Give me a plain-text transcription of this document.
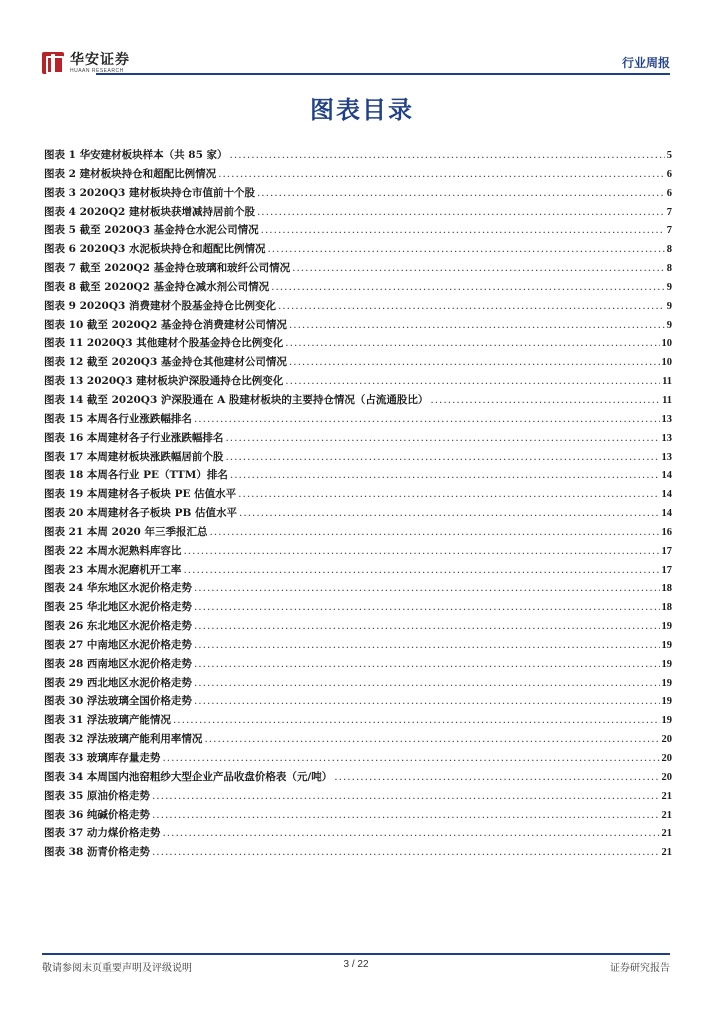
华安证券
HUAAN RESEARCH
行业周报
图表目录
图表 1 华安建材板块样本（共 85 家） .....	5
图表 2 建材板块持仓和超配比例情况 .....	6
图表 3 2020Q3 建材板块持仓市值前十个股 .....	6
图表 4 2020Q2 建材板块获增减持居前个股 .....	7
图表 5 截至 2020Q3 基金持仓水泥公司情况 .....	7
图表 6 2020Q3 水泥板块持仓和超配比例情况 .....	8
图表 7 截至 2020Q2 基金持仓玻璃和玻纤公司情况 .....	8
图表 8 截至 2020Q2 基金持仓减水剂公司情况 .....	9
图表 9 2020Q3 消费建材个股基金持仓比例变化 .....	9
图表 10 截至 2020Q2 基金持仓消费建材公司情况 .....	9
图表 11 2020Q3 其他建材个股基金持仓比例变化 .....	10
图表 12 截至 2020Q3 基金持仓其他建材公司情况 .....	10
图表 13 2020Q3 建材板块沪深股通持仓比例变化 .....	11
图表 14 截至 2020Q3 沪深股通在 A 股建材板块的主要持仓情况（占流通股比） .....	11
图表 15 本周各行业涨跌幅排名 .....	13
图表 16 本周建材各子行业涨跌幅排名 .....	13
图表 17 本周建材板块涨跌幅居前个股 .....	13
图表 18 本周各行业 PE（TTM）排名 .....	14
图表 19 本周建材各子板块 PE 估值水平 .....	14
图表 20 本周建材各子板块 PB 估值水平 .....	14
图表 21 本周 2020 年三季报汇总 .....	16
图表 22 本周水泥熟料库容比 .....	17
图表 23 本周水泥磨机开工率 .....	17
图表 24 华东地区水泥价格走势 .....	18
图表 25 华北地区水泥价格走势 .....	18
图表 26 东北地区水泥价格走势 .....	19
图表 27 中南地区水泥价格走势 .....	19
图表 28 西南地区水泥价格走势 .....	19
图表 29 西北地区水泥价格走势 .....	19
图表 30 浮法玻璃全国价格走势 .....	19
图表 31 浮法玻璃产能情况 .....	19
图表 32 浮法玻璃产能利用率情况 .....	20
图表 33 玻璃库存量走势 .....	20
图表 34 本周国内池窑粗纱大型企业产品收盘价格表（元/吨） .....	20
图表 35 原油价格走势 .....	21
图表 36 纯碱价格走势 .....	21
图表 37 动力煤价格走势 .....	21
图表 38 沥青价格走势 .....	21
敬请参阅末页重要声明及评级说明	3 / 22	证券研究报告
